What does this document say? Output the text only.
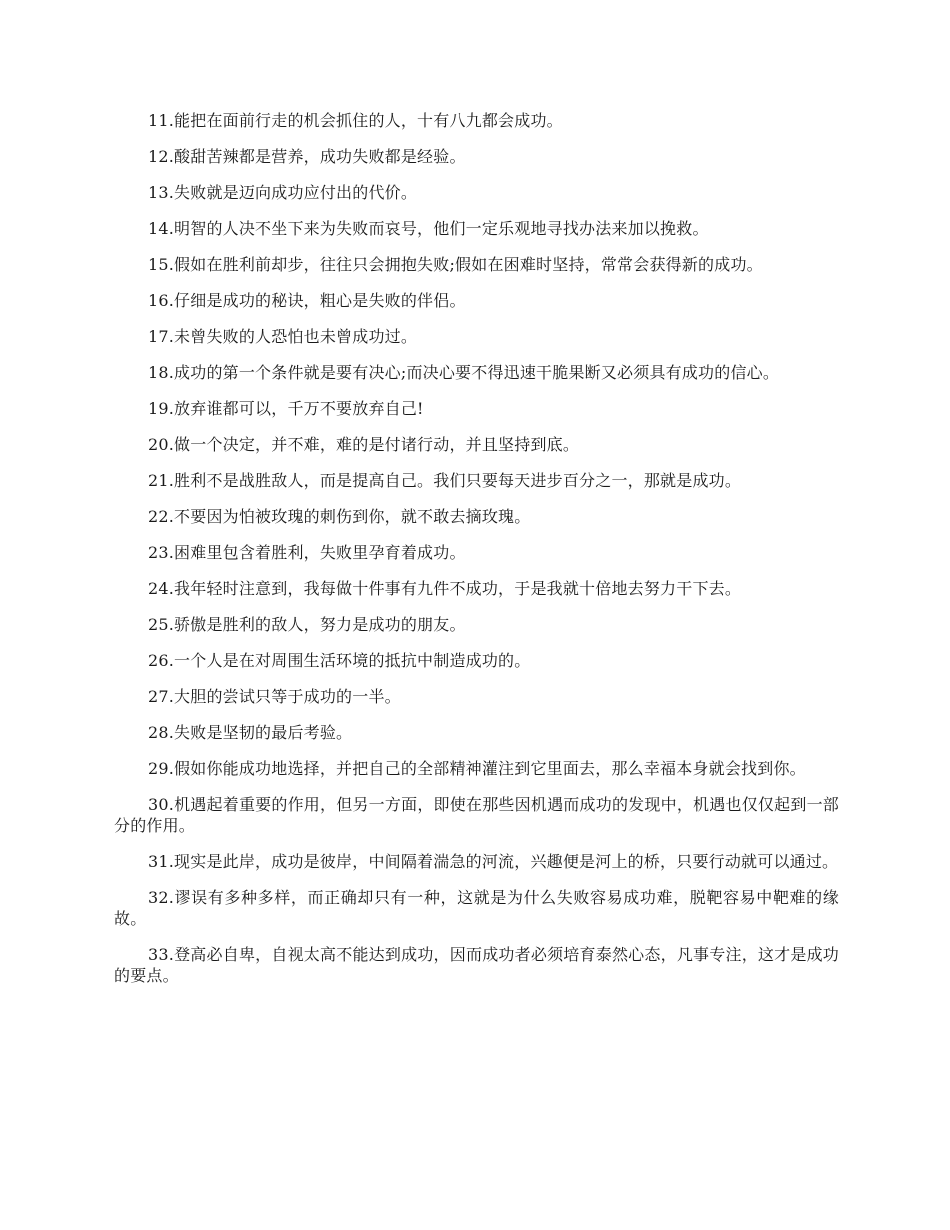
11.能把在面前行走的机会抓住的人，十有八九都会成功。

12.酸甜苦辣都是营养，成功失败都是经验。

13.失败就是迈向成功应付出的代价。

14.明智的人决不坐下来为失败而哀号，他们一定乐观地寻找办法来加以挽救。

15.假如在胜利前却步，往往只会拥抱失败;假如在困难时坚持，常常会获得新的成功。

16.仔细是成功的秘诀，粗心是失败的伴侣。

17.未曾失败的人恐怕也未曾成功过。

18.成功的第一个条件就是要有决心;而决心要不得迅速干脆果断又必须具有成功的信心。

19.放弃谁都可以，千万不要放弃自己!

20.做一个决定，并不难，难的是付诸行动，并且坚持到底。

21.胜利不是战胜敌人，而是提高自己。我们只要每天进步百分之一，那就是成功。

22.不要因为怕被玫瑰的刺伤到你，就不敢去摘玫瑰。

23.困难里包含着胜利，失败里孕育着成功。

24.我年轻时注意到，我每做十件事有九件不成功，于是我就十倍地去努力干下去。

25.骄傲是胜利的敌人，努力是成功的朋友。

26.一个人是在对周围生活环境的抵抗中制造成功的。

27.大胆的尝试只等于成功的一半。

28.失败是坚韧的最后考验。

29.假如你能成功地选择，并把自己的全部精神灌注到它里面去，那么幸福本身就会找到你。

30.机遇起着重要的作用，但另一方面，即使在那些因机遇而成功的发现中，机遇也仅仅起到一部分的作用。

31.现实是此岸，成功是彼岸，中间隔着湍急的河流，兴趣便是河上的桥，只要行动就可以通过。

32.谬误有多种多样，而正确却只有一种，这就是为什么失败容易成功难，脱靶容易中靶难的缘故。

33.登高必自卑，自视太高不能达到成功，因而成功者必须培育泰然心态，凡事专注，这才是成功的要点。
